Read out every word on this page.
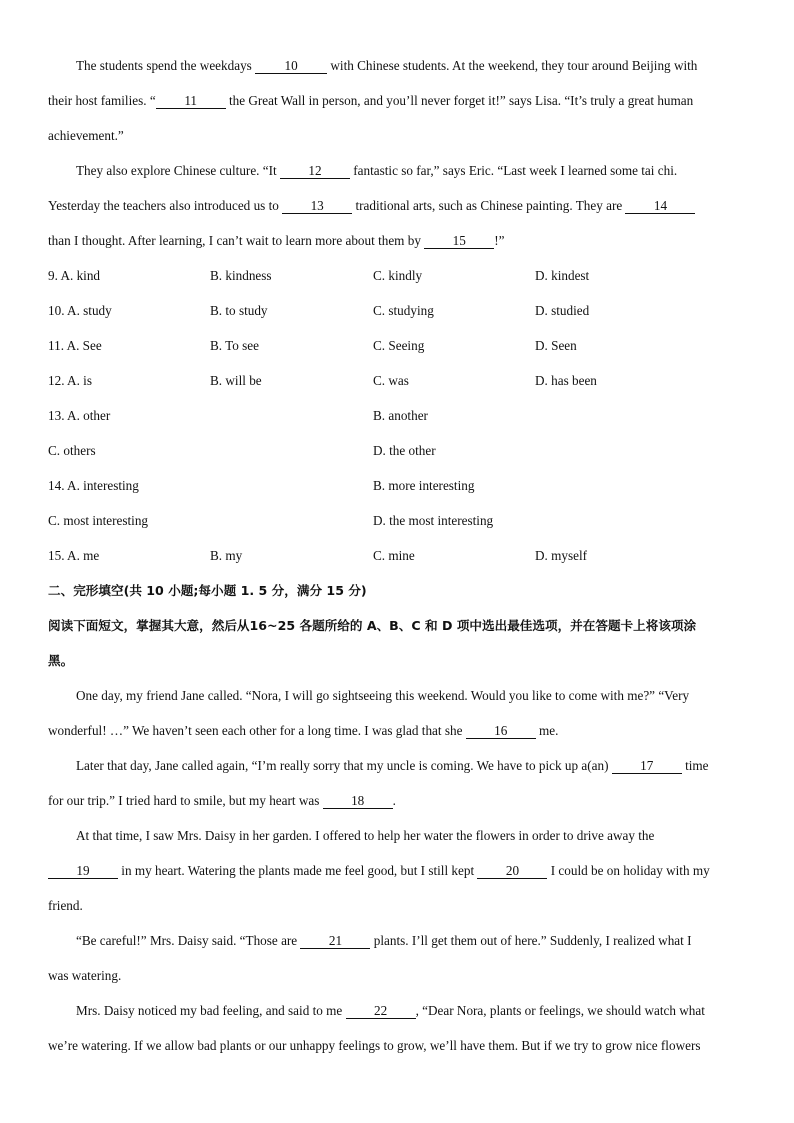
The students spend the weekdays 10 with Chinese students. At the weekend, they tour around Beijing with
their host families. “ 11 the Great Wall in person, and you’ll never forget it!” says Lisa. “It’s truly a great human
achievement.”
They also explore Chinese culture. “It 12 fantastic so far,” says Eric. “Last week I learned some tai chi.
Yesterday the teachers also introduced us to 13 traditional arts, such as Chinese painting. They are 14
than I thought. After learning, I can’t wait to learn more about them by 15 !”
9. A. kind	B. kindness	C. kindly	D. kindest
10. A. study	B. to study	C. studying	D. studied
11. A. See	B. To see	C. Seeing	D. Seen
12. A. is	B. will be	C. was	D. has been
13. A. other	B. another
C. others	D. the other
14. A. interesting	B. more interesting
C. most interesting	D. the most interesting
15. A. me	B. my	C. mine	D. myself
二、完形填空(共 10 小题;每小题 1. 5 分，满分 15 分)
阅读下面短文，掌握其大意，然后从16~25 各题所给的 A、B、C 和 D 项中选出最佳选项，并在答题卡上将该项涂
黑。
One day, my friend Jane called. “Nora, I will go sightseeing this weekend. Would you like to come with me?” “Very
wonderful! …” We haven’t seen each other for a long time. I was glad that she 16 me.
Later that day, Jane called again, “I’m really sorry that my uncle is coming. We have to pick up a(an) 17 time
for our trip.” I tried hard to smile, but my heart was 18 .
At that time, I saw Mrs. Daisy in her garden. I offered to help her water the flowers in order to drive away the
19 in my heart. Watering the plants made me feel good, but I still kept 20 I could be on holiday with my
friend.
“Be careful!” Mrs. Daisy said. “Those are 21 plants. I’ll get them out of here.” Suddenly, I realized what I
was watering.
Mrs. Daisy noticed my bad feeling, and said to me 22 , “Dear Nora, plants or feelings, we should watch what
we’re watering. If we allow bad plants or our unhappy feelings to grow, we’ll have them. But if we try to grow nice flowers
